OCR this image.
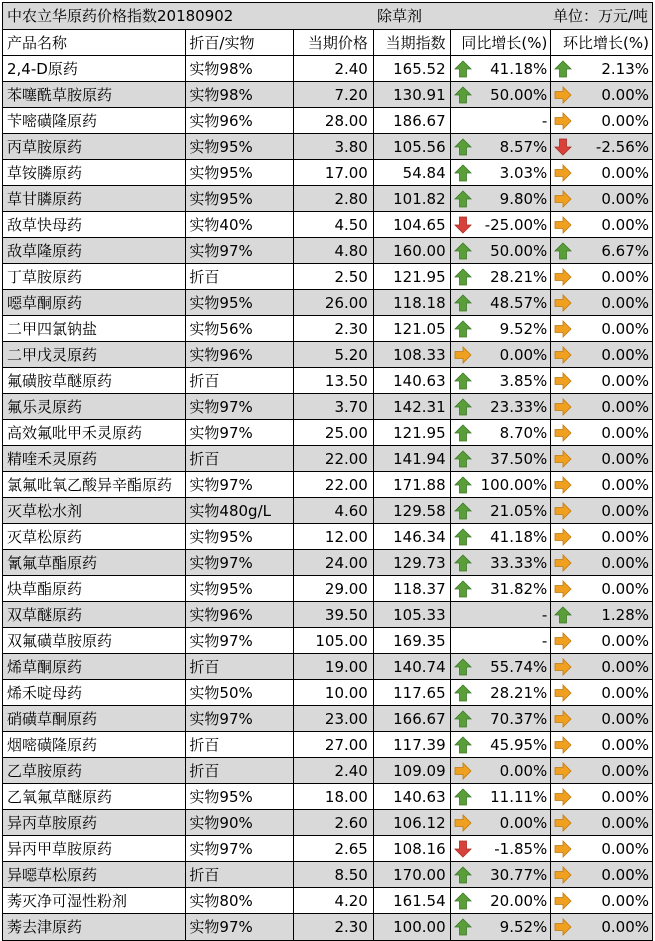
中农立华原药价格指数20180902	除草剂	单位：万元/吨
产品名称	折百/实物	当期价格	当期指数	同比增长(%)	环比增长(%)
2,4-D原药	实物98%	2.40	165.52	41.18%	2.13%
苯噻酰草胺原药	实物98%	7.20	130.91	50.00%	0.00%
苄嘧磺隆原药	实物96%	28.00	186.67	-	0.00%
丙草胺原药	实物95%	3.80	105.56	8.57%	-2.56%
草铵膦原药	实物95%	17.00	54.84	3.03%	0.00%
草甘膦原药	实物95%	2.80	101.82	9.80%	0.00%
敌草快母药	实物40%	4.50	104.65	-25.00%	0.00%
敌草隆原药	实物97%	4.80	160.00	50.00%	6.67%
丁草胺原药	折百	2.50	121.95	28.21%	0.00%
噁草酮原药	实物95%	26.00	118.18	48.57%	0.00%
二甲四氯钠盐	实物56%	2.30	121.05	9.52%	0.00%
二甲戊灵原药	实物96%	5.20	108.33	0.00%	0.00%
氟磺胺草醚原药	折百	13.50	140.63	3.85%	0.00%
氟乐灵原药	实物97%	3.70	142.31	23.33%	0.00%
高效氟吡甲禾灵原药	实物97%	25.00	121.95	8.70%	0.00%
精喹禾灵原药	折百	22.00	141.94	37.50%	0.00%
氯氟吡氧乙酸异辛酯原药	实物97%	22.00	171.88	100.00%	0.00%
灭草松水剂	实物480g/L	4.60	129.58	21.05%	0.00%
灭草松原药	实物95%	12.00	146.34	41.18%	0.00%
氰氟草酯原药	实物97%	24.00	129.73	33.33%	0.00%
炔草酯原药	实物95%	29.00	118.37	31.82%	0.00%
双草醚原药	实物96%	39.50	105.33	-	1.28%
双氟磺草胺原药	实物97%	105.00	169.35	-	0.00%
烯草酮原药	折百	19.00	140.74	55.74%	0.00%
烯禾啶母药	实物50%	10.00	117.65	28.21%	0.00%
硝磺草酮原药	实物97%	23.00	166.67	70.37%	0.00%
烟嘧磺隆原药	折百	27.00	117.39	45.95%	0.00%
乙草胺原药	折百	2.40	109.09	0.00%	0.00%
乙氧氟草醚原药	实物95%	18.00	140.63	11.11%	0.00%
异丙草胺原药	实物90%	2.60	106.12	0.00%	0.00%
异丙甲草胺原药	实物97%	2.65	108.16	-1.85%	0.00%
异噁草松原药	折百	8.50	170.00	30.77%	0.00%
莠灭净可湿性粉剂	实物80%	4.20	161.54	20.00%	0.00%
莠去津原药	实物97%	2.30	100.00	9.52%	0.00%
